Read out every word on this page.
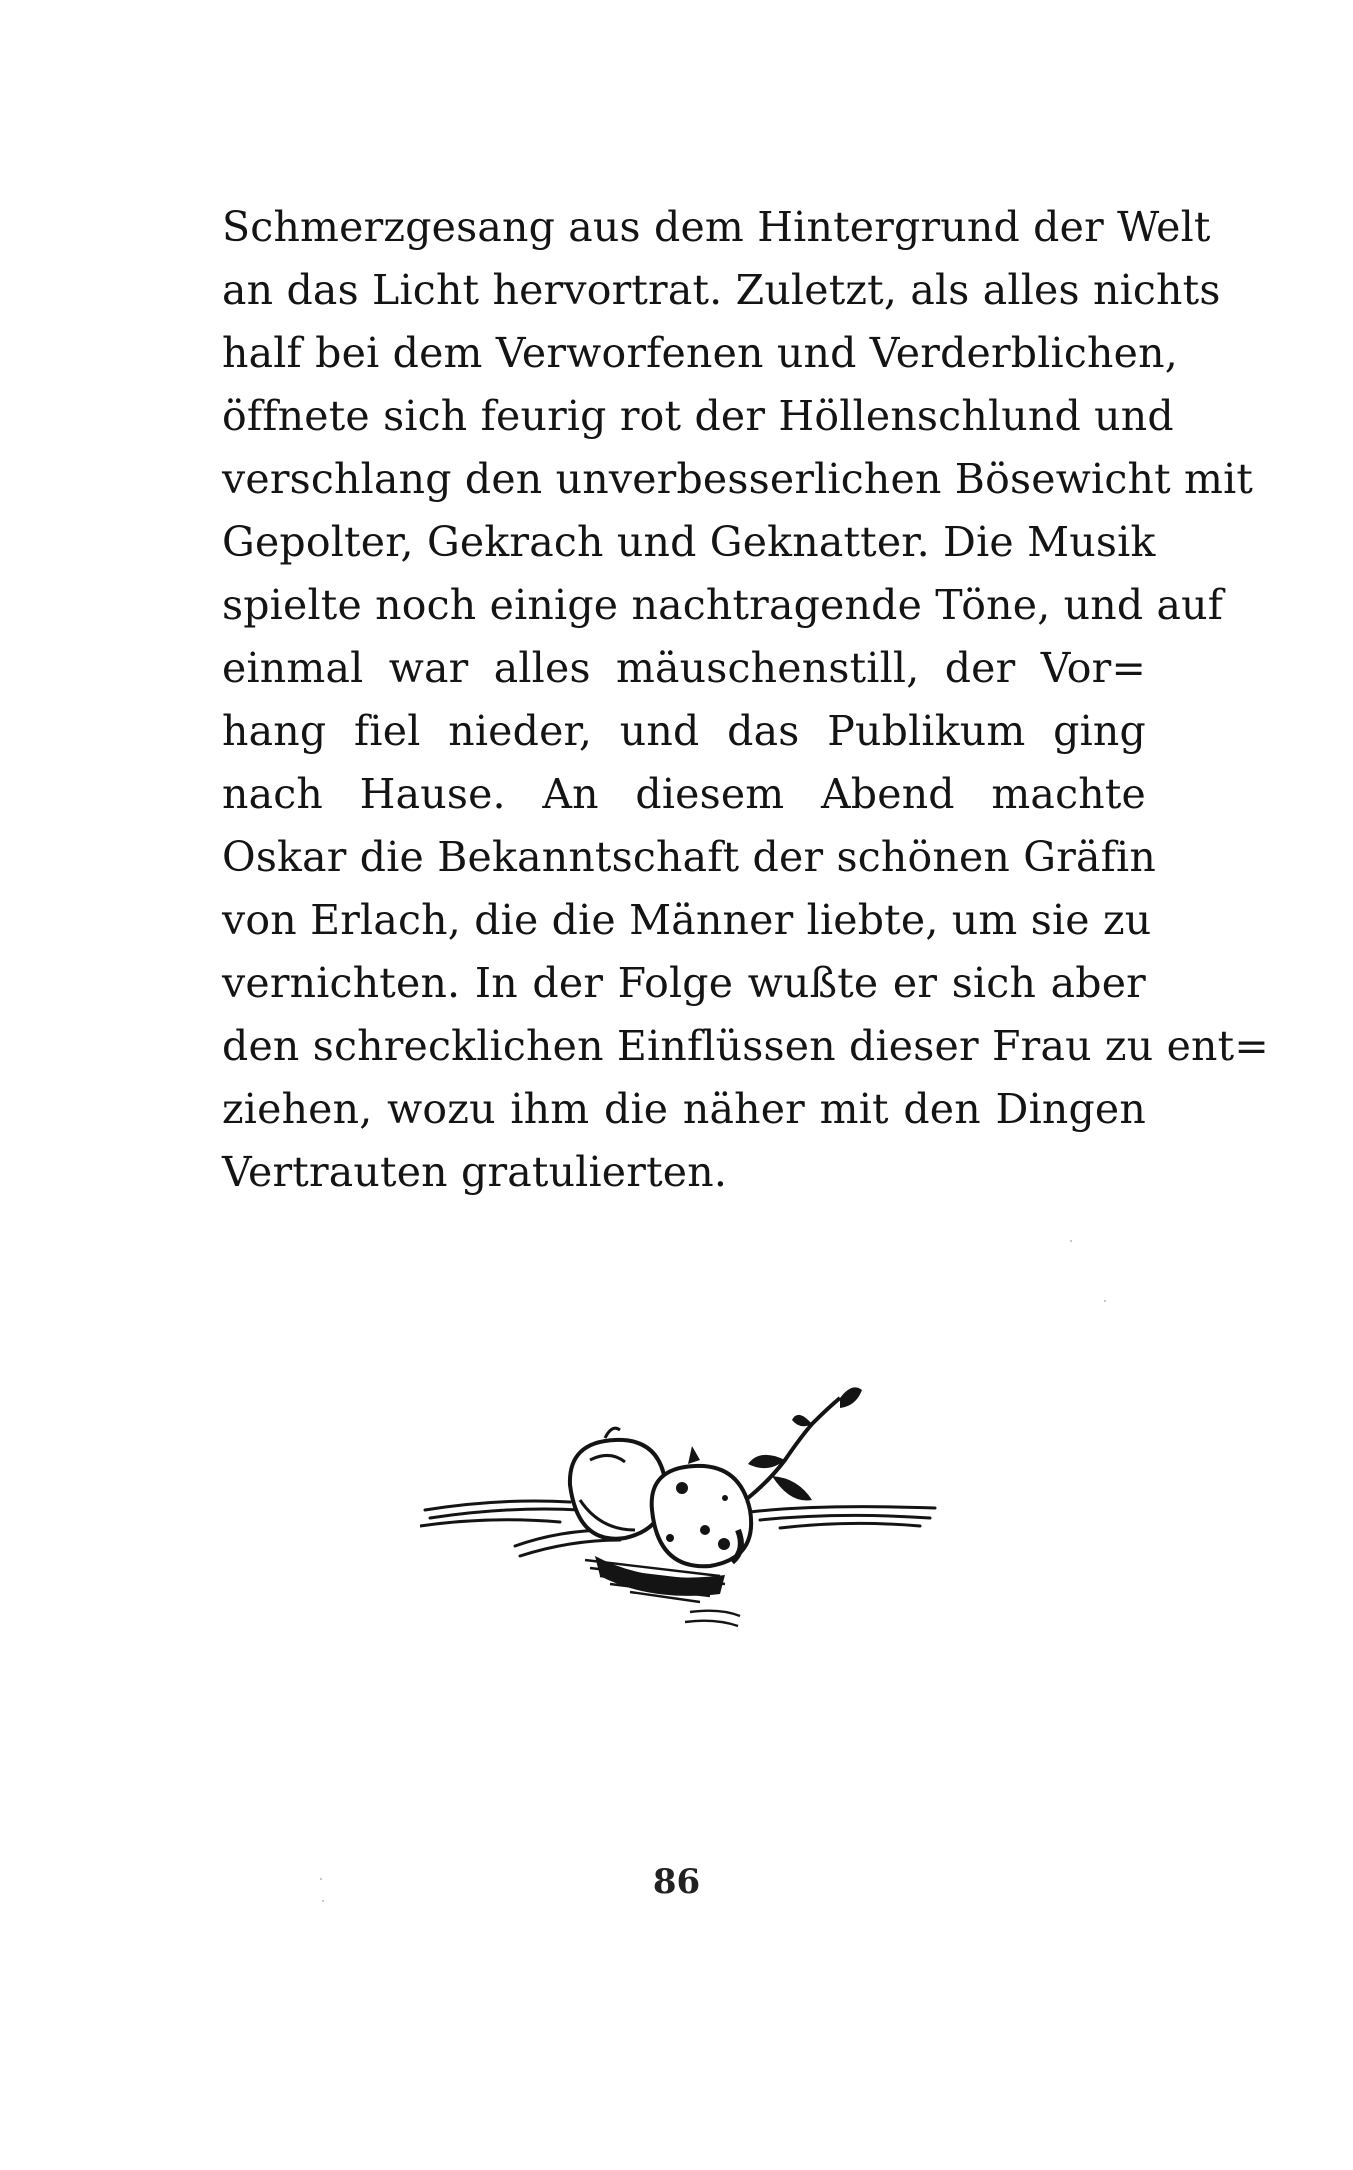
Schmerzgesang aus dem Hintergrund der Welt
an das Licht hervortrat. Zuletzt, als alles nichts
half bei dem Verworfenen und Verderblichen,
öffnete sich feurig rot der Höllenschlund und
verschlang den unverbesserlichen Bösewicht mit
Gepolter, Gekrach und Geknatter. Die Musik
spielte noch einige nachtragende Töne, und auf
einmal war alles mäuschenstill, der Vor=
hang fiel nieder, und das Publikum ging
nach Hause. An diesem Abend machte
Oskar die Bekanntschaft der schönen Gräfin
von Erlach, die die Männer liebte, um sie zu
vernichten. In der Folge wußte er sich aber
den schrecklichen Einflüssen dieser Frau zu ent=
ziehen, wozu ihm die näher mit den Dingen
Vertrauten gratulierten.
86
